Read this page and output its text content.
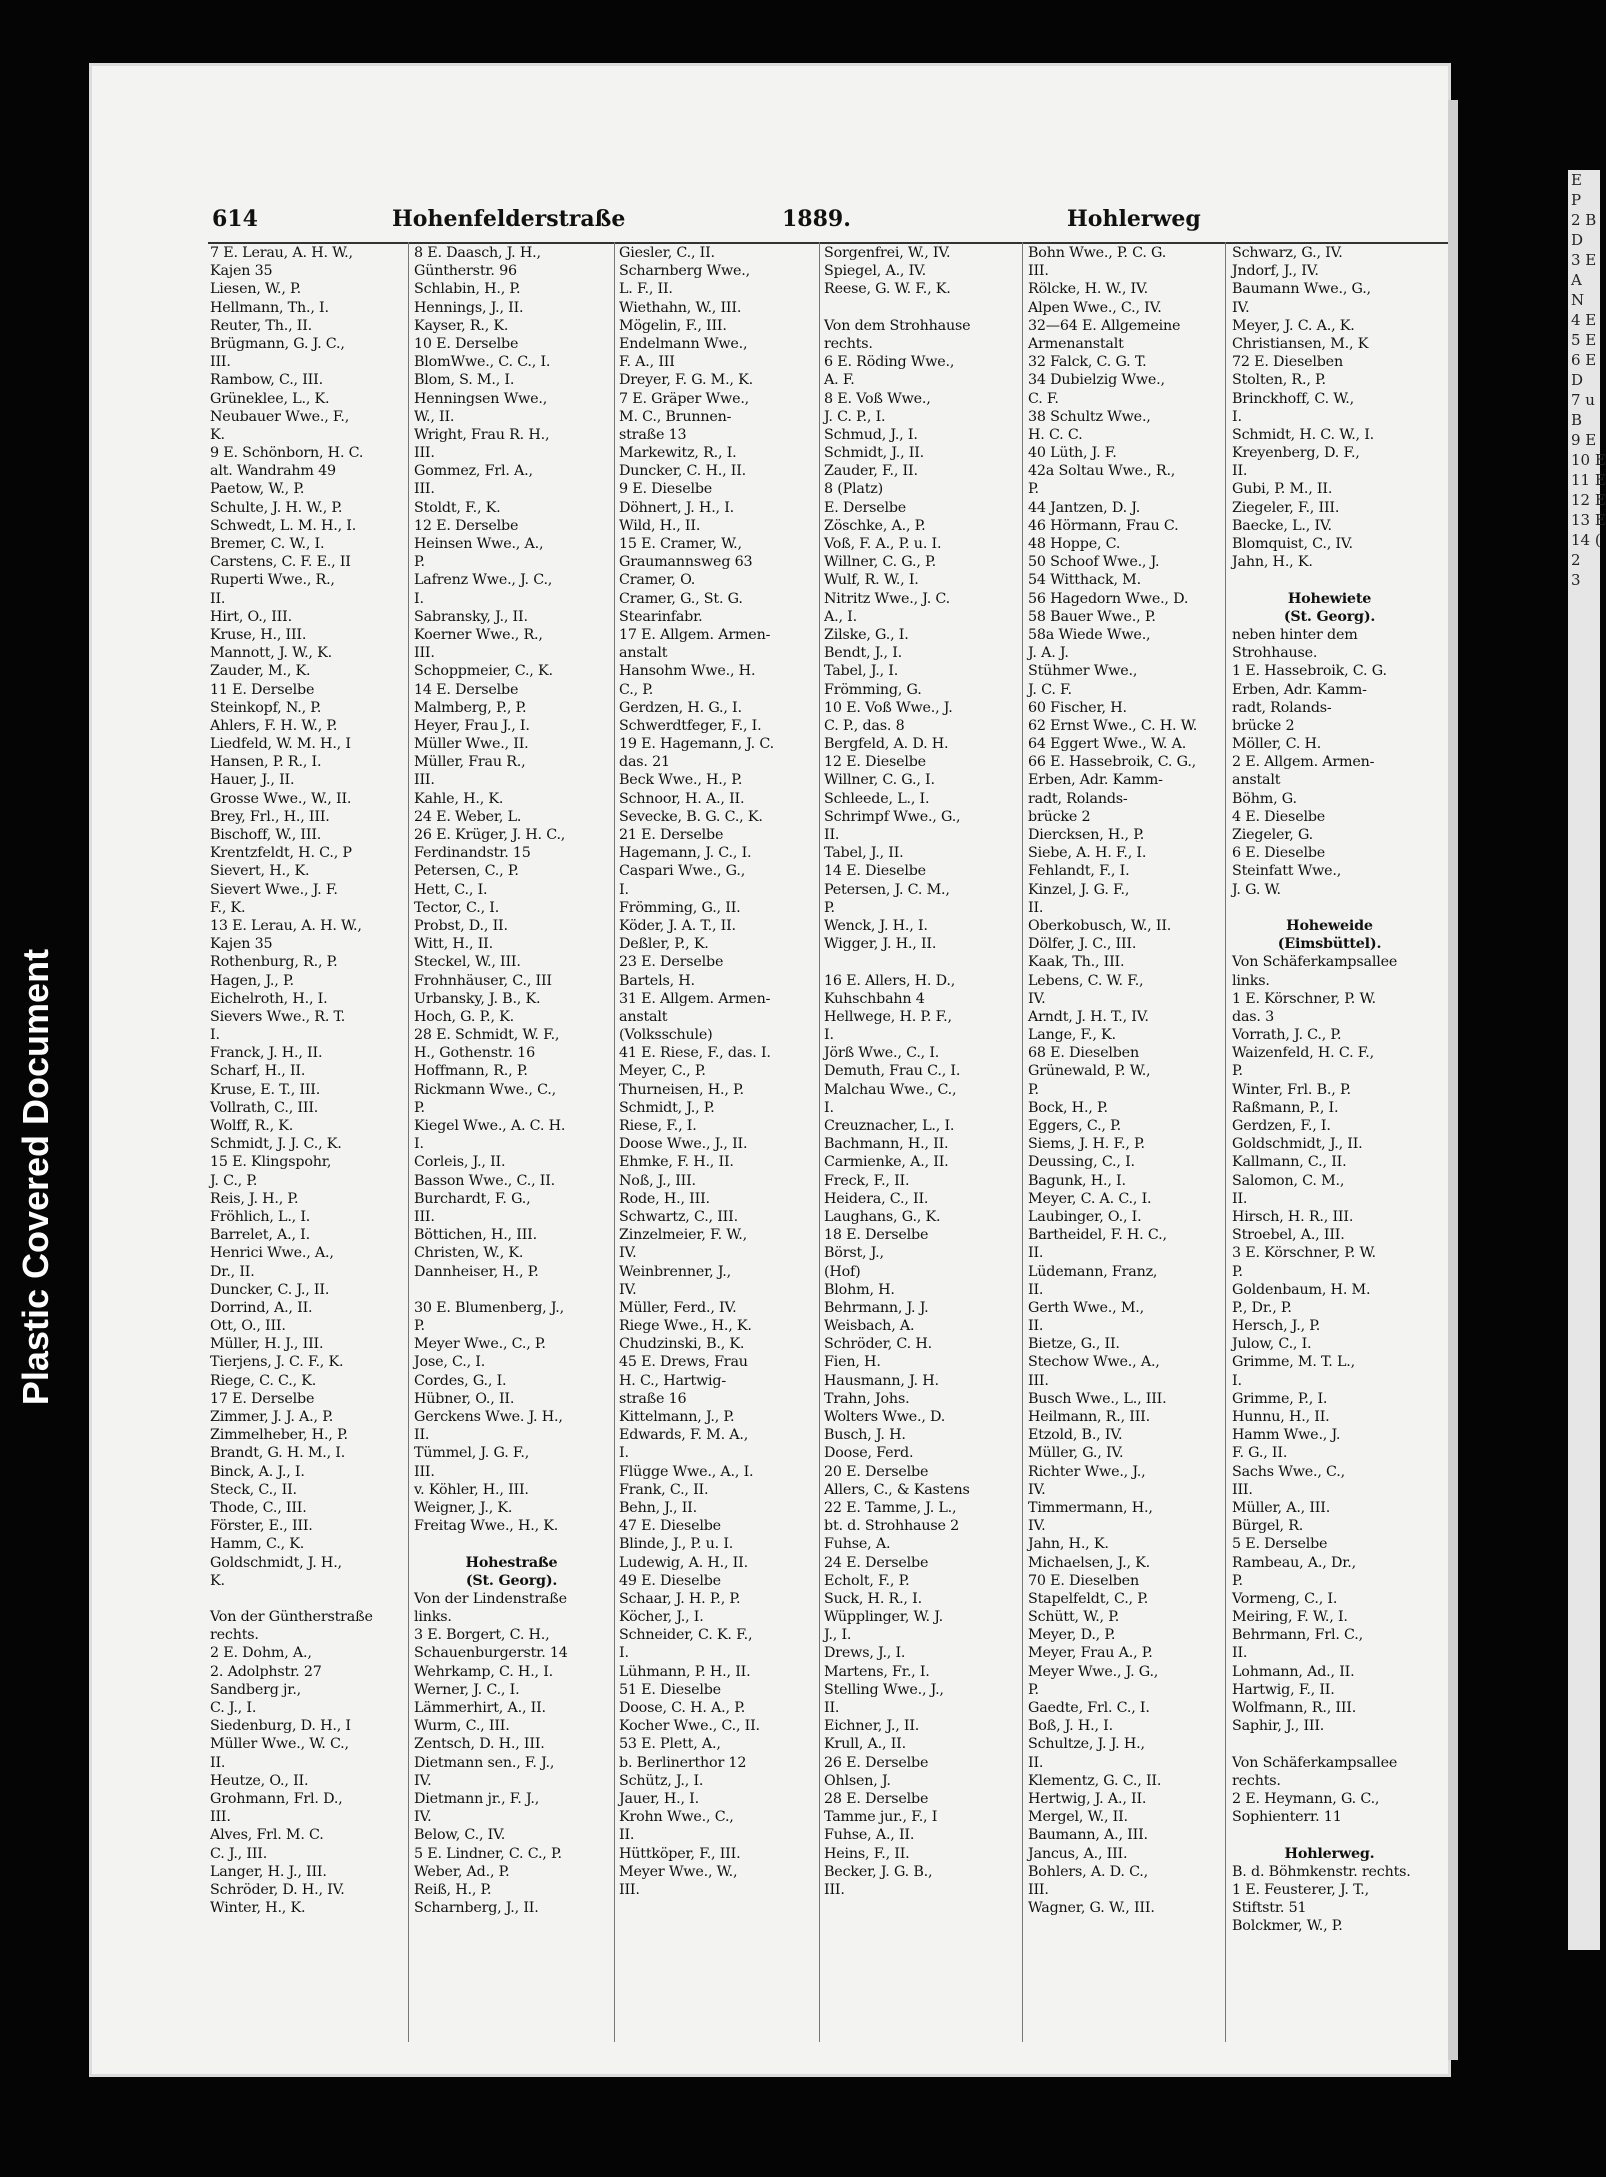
Plastic Covered Document
614	Hohenfelderstraße	1889.	Hohlerweg
7 E. Lerau, A. H. W.,
Kajen 35
Liesen, W., P.
Hellmann, Th., I.
Reuter, Th., II.
Brügmann, G. J. C.,
III.
Rambow, C., III.
Grüneklee, L., K.
Neubauer Wwe., F.,
K.
9 E. Schönborn, H. C.
alt. Wandrahm 49
Paetow, W., P.
Schulte, J. H. W., P.
Schwedt, L. M. H., I.
Bremer, C. W., I.
Carstens, C. F. E., II
Ruperti Wwe., R.,
II.
Hirt, O., III.
Kruse, H., III.
Mannott, J. W., K.
Zauder, M., K.
11 E. Derselbe
Steinkopf, N., P.
Ahlers, F. H. W., P.
Liedfeld, W. M. H., I
Hansen, P. R., I.
Hauer, J., II.
Grosse Wwe., W., II.
Brey, Frl., H., III.
Bischoff, W., III.
Krentzfeldt, H. C., P
Sievert, H., K.
Sievert Wwe., J. F.
F., K.
13 E. Lerau, A. H. W.,
Kajen 35
Rothenburg, R., P.
Hagen, J., P.
Eichelroth, H., I.
Sievers Wwe., R. T.
I.
Franck, J. H., II.
Scharf, H., II.
Kruse, E. T., III.
Vollrath, C., III.
Wolff, R., K.
Schmidt, J. J. C., K.
15 E. Klingspohr,
J. C., P.
Reis, J. H., P.
Fröhlich, L., I.
Barrelet, A., I.
Henrici Wwe., A.,
Dr., II.
Duncker, C. J., II.
Dorrind, A., II.
Ott, O., III.
Müller, H. J., III.
Tierjens, J. C. F., K.
Riege, C. C., K.
17 E. Derselbe
Zimmer, J. J. A., P.
Zimmelheber, H., P.
Brandt, G. H. M., I.
Binck, A. J., I.
Steck, C., II.
Thode, C., III.
Förster, E., III.
Hamm, C., K.
Goldschmidt, J. H.,
K.
Von der Güntherstraße
rechts.
2 E. Dohm, A.,
2. Adolphstr. 27
Sandberg jr.,
C. J., I.
Siedenburg, D. H., I
Müller Wwe., W. C.,
II.
Heutze, O., II.
Grohmann, Frl. D.,
III.
Alves, Frl. M. C.
C. J., III.
Langer, H. J., III.
Schröder, D. H., IV.
Winter, H., K.
8 E. Daasch, J. H.,
Güntherstr. 96
Schlabin, H., P.
Hennings, J., II.
Kayser, R., K.
10 E. Derselbe
BlomWwe., C. C., I.
Blom, S. M., I.
Henningsen Wwe.,
W., II.
Wright, Frau R. H.,
III.
Gommez, Frl. A.,
III.
Stoldt, F., K.
12 E. Derselbe
Heinsen Wwe., A.,
P.
Lafrenz Wwe., J. C.,
I.
Sabransky, J., II.
Koerner Wwe., R.,
III.
Schoppmeier, C., K.
14 E. Derselbe
Malmberg, P., P.
Heyer, Frau J., I.
Müller Wwe., II.
Müller, Frau R.,
III.
Kahle, H., K.
24 E. Weber, L.
26 E. Krüger, J. H. C.,
Ferdinandstr. 15
Petersen, C., P.
Hett, C., I.
Tector, C., I.
Probst, D., II.
Witt, H., II.
Steckel, W., III.
Frohnhäuser, C., III
Urbansky, J. B., K.
Hoch, G. P., K.
28 E. Schmidt, W. F.,
H., Gothenstr. 16
Hoffmann, R., P.
Rickmann Wwe., C.,
P.
Kiegel Wwe., A. C. H.
I.
Corleis, J., II.
Basson Wwe., C., II.
Burchardt, F. G.,
III.
Böttichen, H., III.
Christen, W., K.
Dannheiser, H., P.
30 E. Blumenberg, J.,
P.
Meyer Wwe., C., P.
Jose, C., I.
Cordes, G., I.
Hübner, O., II.
Gerckens Wwe. J. H.,
II.
Tümmel, J. G. F.,
III.
v. Köhler, H., III.
Weigner, J., K.
Freitag Wwe., H., K.
Hohestraße
(St. Georg).
Von der Lindenstraße
links.
3 E. Borgert, C. H.,
Schauenburgerstr. 14
Wehrkamp, C. H., I.
Werner, J. C., I.
Lämmerhirt, A., II.
Wurm, C., III.
Zentsch, D. H., III.
Dietmann sen., F. J.,
IV.
Dietmann jr., F. J.,
IV.
Below, C., IV.
5 E. Lindner, C. C., P.
Weber, Ad., P.
Reiß, H., P.
Scharnberg, J., II.
Giesler, C., II.
Scharnberg Wwe.,
L. F., II.
Wiethahn, W., III.
Mögelin, F., III.
Endelmann Wwe.,
F. A., III
Dreyer, F. G. M., K.
7 E. Gräper Wwe.,
M. C., Brunnen-
straße 13
Markewitz, R., I.
Duncker, C. H., II.
9 E. Dieselbe
Döhnert, J. H., I.
Wild, H., II.
15 E. Cramer, W.,
Graumannsweg 63
Cramer, O.
Cramer, G., St. G.
Stearinfabr.
17 E. Allgem. Armen-
anstalt
Hansohm Wwe., H.
C., P.
Gerdzen, H. G., I.
Schwerdtfeger, F., I.
19 E. Hagemann, J. C.
das. 21
Beck Wwe., H., P.
Schnoor, H. A., II.
Sevecke, B. G. C., K.
21 E. Derselbe
Hagemann, J. C., I.
Caspari Wwe., G.,
I.
Frömming, G., II.
Köder, J. A. T., II.
Deßler, P., K.
23 E. Derselbe
Bartels, H.
31 E. Allgem. Armen-
anstalt
(Volksschule)
41 E. Riese, F., das. I.
Meyer, C., P.
Thurneisen, H., P.
Schmidt, J., P.
Riese, F., I.
Doose Wwe., J., II.
Ehmke, F. H., II.
Noß, J., III.
Rode, H., III.
Schwartz, C., III.
Zinzelmeier, F. W.,
IV.
Weinbrenner, J.,
IV.
Müller, Ferd., IV.
Riege Wwe., H., K.
Chudzinski, B., K.
45 E. Drews, Frau
H. C., Hartwig-
straße 16
Kittelmann, J., P.
Edwards, F. M. A.,
I.
Flügge Wwe., A., I.
Frank, C., II.
Behn, J., II.
47 E. Dieselbe
Blinde, J., P. u. I.
Ludewig, A. H., II.
49 E. Dieselbe
Schaar, J. H. P., P.
Köcher, J., I.
Schneider, C. K. F.,
I.
Lühmann, P. H., II.
51 E. Dieselbe
Doose, C. H. A., P.
Kocher Wwe., C., II.
53 E. Plett, A.,
b. Berlinerthor 12
Schütz, J., I.
Jauer, H., I.
Krohn Wwe., C.,
II.
Hüttköper, F., III.
Meyer Wwe., W.,
III.
Sorgenfrei, W., IV.
Spiegel, A., IV.
Reese, G. W. F., K.
Von dem Strohhause
rechts.
6 E. Röding Wwe.,
A. F.
8 E. Voß Wwe.,
J. C. P., I.
Schmud, J., I.
Schmidt, J., II.
Zauder, F., II.
8 (Platz)
E. Derselbe
Zöschke, A., P.
Voß, F. A., P. u. I.
Willner, C. G., P.
Wulf, R. W., I.
Nitritz Wwe., J. C.
A., I.
Zilske, G., I.
Bendt, J., I.
Tabel, J., I.
Frömming, G.
10 E. Voß Wwe., J.
C. P., das. 8
Bergfeld, A. D. H.
12 E. Dieselbe
Willner, C. G., I.
Schleede, L., I.
Schrimpf Wwe., G.,
II.
Tabel, J., II.
14 E. Dieselbe
Petersen, J. C. M.,
P.
Wenck, J. H., I.
Wigger, J. H., II.
16 E. Allers, H. D.,
Kuhschbahn 4
Hellwege, H. P. F.,
I.
Jörß Wwe., C., I.
Demuth, Frau C., I.
Malchau Wwe., C.,
I.
Creuznacher, L., I.
Bachmann, H., II.
Carmienke, A., II.
Freck, F., II.
Heidera, C., II.
Laughans, G., K.
18 E. Derselbe
Börst, J.,
(Hof)
Blohm, H.
Behrmann, J. J.
Weisbach, A.
Schröder, C. H.
Fien, H.
Hausmann, J. H.
Trahn, Johs.
Wolters Wwe., D.
Busch, J. H.
Doose, Ferd.
20 E. Derselbe
Allers, C., & Kastens
22 E. Tamme, J. L.,
bt. d. Strohhause 2
Fuhse, A.
24 E. Derselbe
Echolt, F., P.
Suck, H. R., I.
Wüpplinger, W. J.
J., I.
Drews, J., I.
Martens, Fr., I.
Stelling Wwe., J.,
II.
Eichner, J., II.
Krull, A., II.
26 E. Derselbe
Ohlsen, J.
28 E. Derselbe
Tamme jur., F., I
Fuhse, A., II.
Heins, F., II.
Becker, J. G. B.,
III.
Bohn Wwe., P. C. G.
III.
Rölcke, H. W., IV.
Alpen Wwe., C., IV.
32—64 E. Allgemeine
Armenanstalt
32 Falck, C. G. T.
34 Dubielzig Wwe.,
C. F.
38 Schultz Wwe.,
H. C. C.
40 Lüth, J. F.
42a Soltau Wwe., R.,
P.
44 Jantzen, D. J.
46 Hörmann, Frau C.
48 Hoppe, C.
50 Schoof Wwe., J.
54 Witthack, M.
56 Hagedorn Wwe., D.
58 Bauer Wwe., P.
58a Wiede Wwe.,
J. A. J.
Stühmer Wwe.,
J. C. F.
60 Fischer, H.
62 Ernst Wwe., C. H. W.
64 Eggert Wwe., W. A.
66 E. Hassebroik, C. G.,
Erben, Adr. Kamm-
radt, Rolands-
brücke 2
Diercksen, H., P.
Siebe, A. H. F., I.
Fehlandt, F., I.
Kinzel, J. G. F.,
II.
Oberkobusch, W., II.
Dölfer, J. C., III.
Kaak, Th., III.
Lebens, C. W. F.,
IV.
Arndt, J. H. T., IV.
Lange, F., K.
68 E. Dieselben
Grünewald, P. W.,
P.
Bock, H., P.
Eggers, C., P.
Siems, J. H. F., P.
Deussing, C., I.
Bagunk, H., I.
Meyer, C. A. C., I.
Laubinger, O., I.
Bartheidel, F. H. C.,
II.
Lüdemann, Franz,
II.
Gerth Wwe., M.,
II.
Bietze, G., II.
Stechow Wwe., A.,
III.
Busch Wwe., L., III.
Heilmann, R., III.
Etzold, B., IV.
Müller, G., IV.
Richter Wwe., J.,
IV.
Timmermann, H.,
IV.
Jahn, H., K.
Michaelsen, J., K.
70 E. Dieselben
Stapelfeldt, C., P.
Schütt, W., P.
Meyer, D., P.
Meyer, Frau A., P.
Meyer Wwe., J. G.,
P.
Gaedte, Frl. C., I.
Boß, J. H., I.
Schultze, J. J. H.,
II.
Klementz, G. C., II.
Hertwig, J. A., II.
Mergel, W., II.
Baumann, A., III.
Jancus, A., III.
Bohlers, A. D. C.,
III.
Wagner, G. W., III.
Schwarz, G., IV.
Jndorf, J., IV.
Baumann Wwe., G.,
IV.
Meyer, J. C. A., K.
Christiansen, M., K
72 E. Dieselben
Stolten, R., P.
Brinckhoff, C. W.,
I.
Schmidt, H. C. W., I.
Kreyenberg, D. F.,
II.
Gubi, P. M., II.
Ziegeler, F., III.
Baecke, L., IV.
Blomquist, C., IV.
Jahn, H., K.
Hohewiete
(St. Georg).
neben hinter dem
Strohhause.
1 E. Hassebroik, C. G.
Erben, Adr. Kamm-
radt, Rolands-
brücke 2
Möller, C. H.
2 E. Allgem. Armen-
anstalt
Böhm, G.
4 E. Dieselbe
Ziegeler, G.
6 E. Dieselbe
Steinfatt Wwe.,
J. G. W.
Hoheweide
(Eimsbüttel).
Von Schäferkampsallee
links.
1 E. Körschner, P. W.
das. 3
Vorrath, J. C., P.
Waizenfeld, H. C. F.,
P.
Winter, Frl. B., P.
Raßmann, P., I.
Gerdzen, F., I.
Goldschmidt, J., II.
Kallmann, C., II.
Salomon, C. M.,
II.
Hirsch, H. R., III.
Stroebel, A., III.
3 E. Körschner, P. W.
P.
Goldenbaum, H. M.
P., Dr., P.
Hersch, J., P.
Julow, C., I.
Grimme, M. T. L.,
I.
Grimme, P., I.
Hunnu, H., II.
Hamm Wwe., J.
F. G., II.
Sachs Wwe., C.,
III.
Müller, A., III.
Bürgel, R.
5 E. Derselbe
Rambeau, A., Dr.,
P.
Vormeng, C., I.
Meiring, F. W., I.
Behrmann, Frl. C.,
II.
Lohmann, Ad., II.
Hartwig, F., II.
Wolfmann, R., III.
Saphir, J., III.
Von Schäferkampsallee
rechts.
2 E. Heymann, G. C.,
Sophienterr. 11
Hohlerweg.
B. d. Böhmkenstr. rechts.
1 E. Feusterer, J. T.,
Stiftstr. 51
Bolckmer, W., P.
E
P
2 B
D
3 E
A
N
4 E
5 E
6 E
D
7 u
B
9 E
10 E
11 E
12 E
13 E
14 (
2
3
